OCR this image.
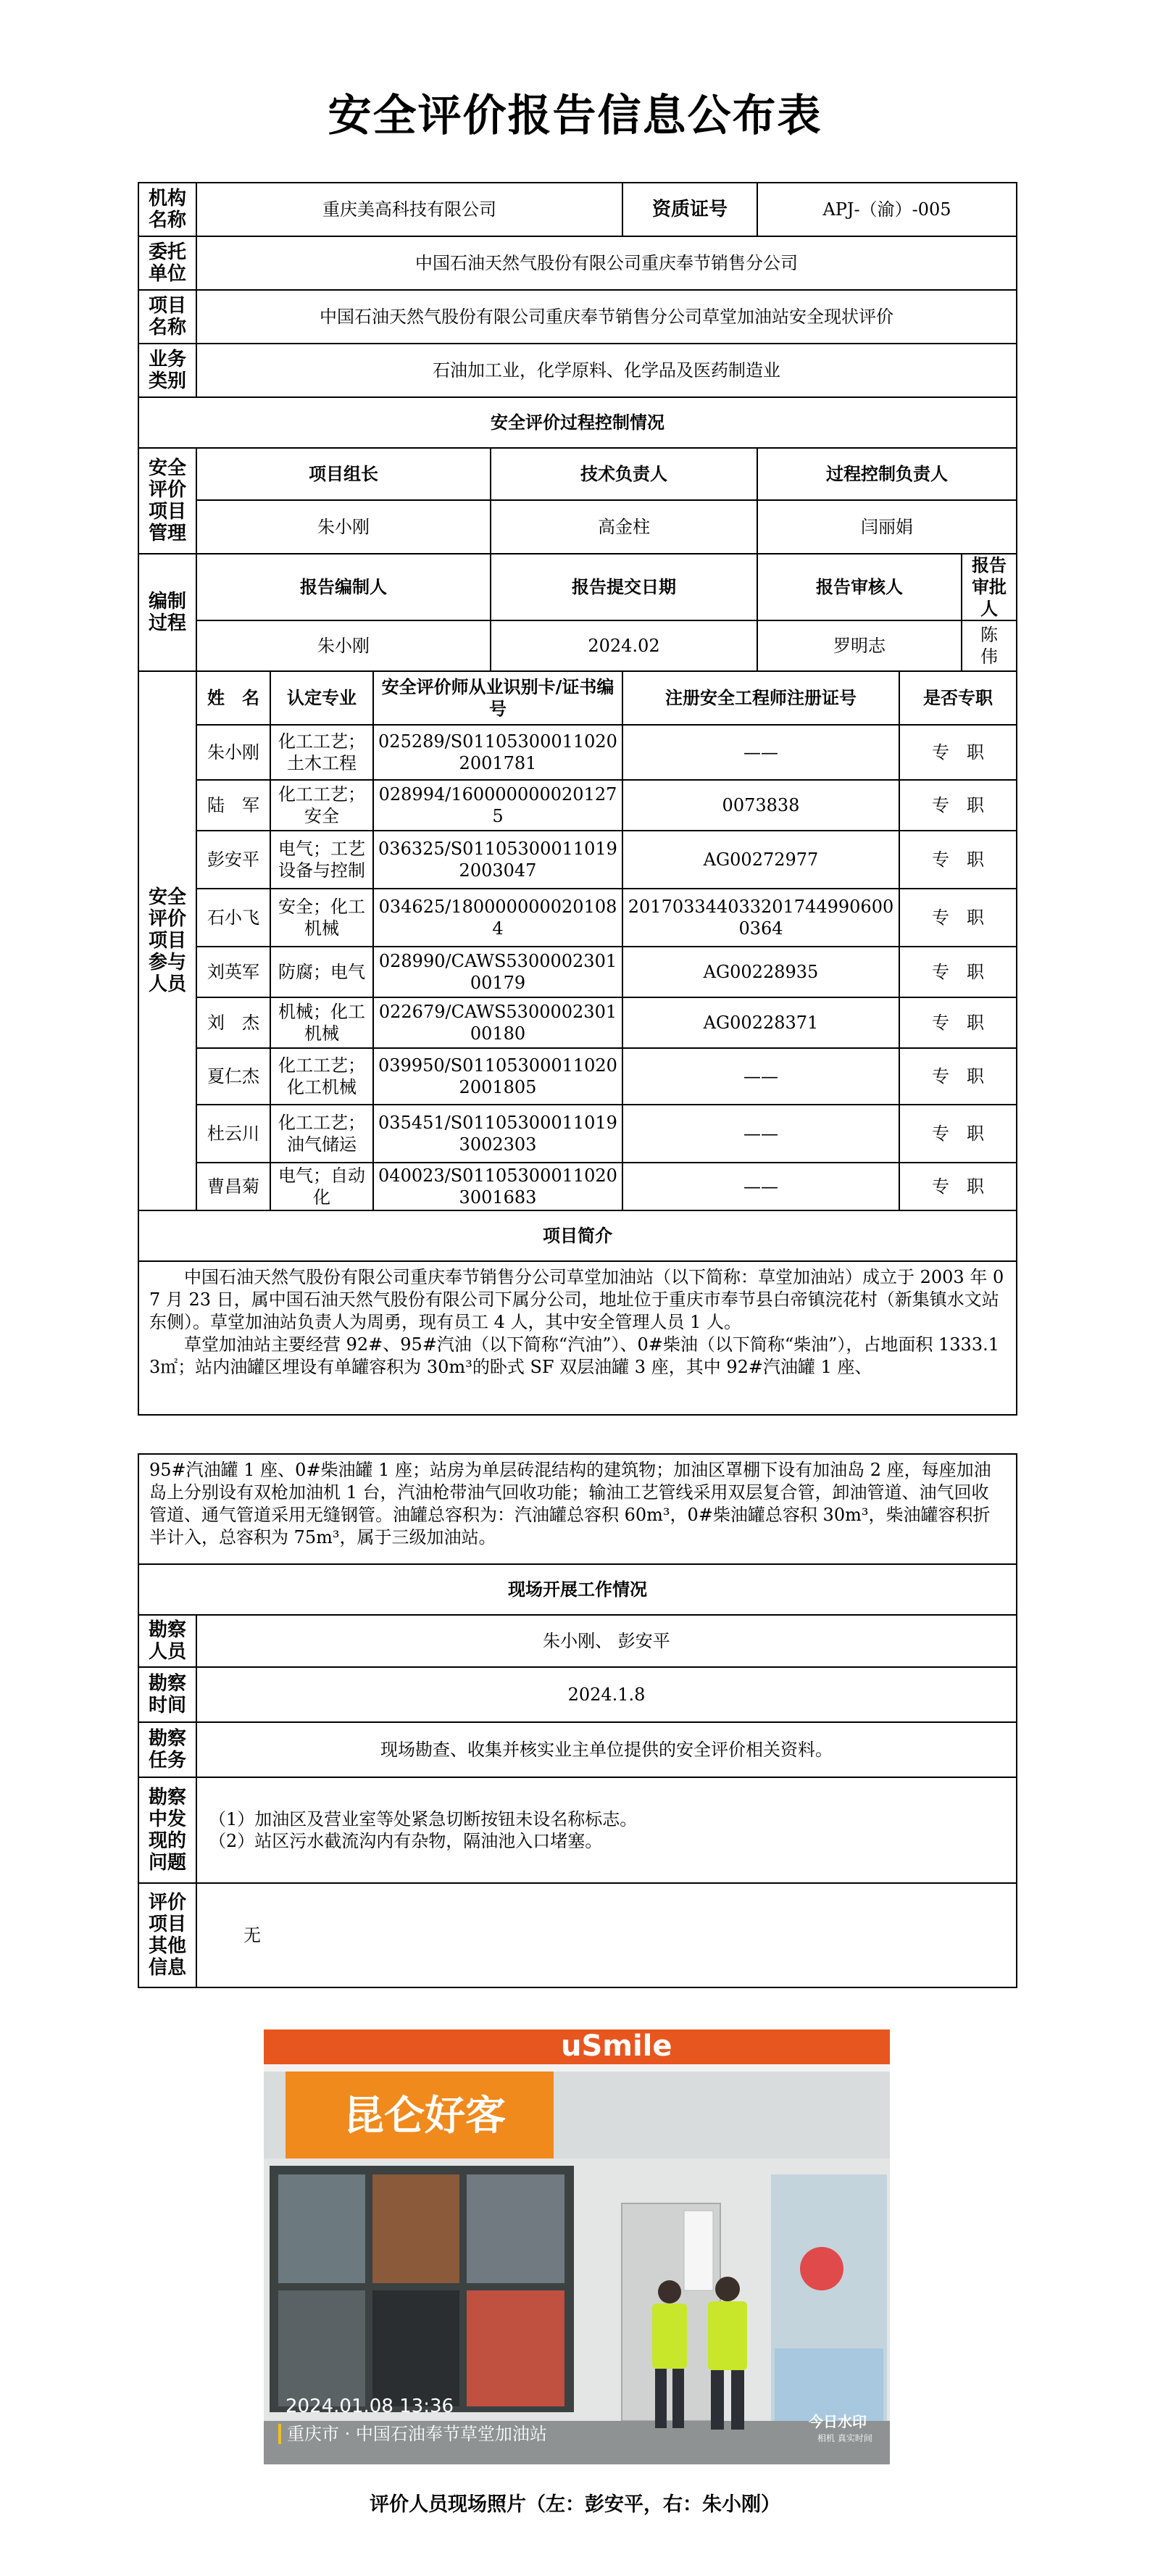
安全评价报告信息公布表
机构名称	重庆美高科技有限公司				资质证号	APJ-（渝）-005		
委托单位	中国石油天然气股份有限公司重庆奉节销售分公司							
项目名称	中国石油天然气股份有限公司重庆奉节销售分公司草堂加油站安全现状评价							
业务类别	石油加工业，化学原料、化学品及医药制造业							
安全评价过程控制情况								
安全评价项目管理	项目组长			技术负责人		过程控制负责人		
	朱小刚			高金柱		闫丽娟		
编制过程	报告编制人			报告提交日期		报告审核人		报告审批人
	朱小刚			2024.02		罗明志		陈　伟
安全评价项目参与人员	姓　名	认定专业	安全评价师从业识别卡/证书编号		注册安全工程师注册证号		是否专职	
	朱小刚	化工工艺；土木工程	025289/S011053000110202001781		——		专　职	
	陆　军	化工工艺；安全	028994/1600000000201275		0073838		专　职	
	彭安平	电气；工艺设备与控制	036325/S011053000110192003047		AG00272977		专　职	
	石小飞	安全；化工机械	034625/1800000000201084		2017033440332017449906000364		专　职	
	刘英军	防腐；电气	028990/CAWS530000230100179		AG00228935		专　职	
	刘　杰	机械；化工机械	022679/CAWS530000230100180		AG00228371		专　职	
	夏仁杰	化工工艺；化工机械	039950/S011053000110202001805		——		专　职	
	杜云川	化工工艺；油气储运	035451/S011053000110193002303		——		专　职	
	曹昌菊	电气；自动化	040023/S011053000110203001683		——		专　职	
项目简介								

中国石油天然气股份有限公司重庆奉节销售分公司草堂加油站（以下简称：草堂加油站）成立于 2003 年 07 月 23 日，属中国石油天然气股份有限公司下属分公司，地址位于重庆市奉节县白帝镇浣花村（新集镇水文站东侧）。草堂加油站负责人为周勇，现有员工 4 人，其中安全管理人员 1 人。

草堂加油站主要经营 92#、95#汽油（以下简称“汽油”）、0#柴油（以下简称“柴油”），占地面积 1333.13㎡；站内油罐区埋设有单罐容积为 30m³的卧式 SF 双层油罐 3 座，其中 92#汽油罐 1 座、								

95#汽油罐 1 座、0#柴油罐 1 座；站房为单层砖混结构的建筑物；加油区罩棚下设有加油岛 2 座，每座加油岛上分别设有双枪加油机 1 台，汽油枪带油气回收功能；输油工艺管线采用双层复合管，卸油管道、油气回收管道、通气管道采用无缝钢管。油罐总容积为：汽油罐总容积 60m³，0#柴油罐总容积 30m³，柴油罐容积折半计入，总容积为 75m³，属于三级加油站。	

现场开展工作情况	
勘察人员	朱小刚、 彭安平
勘察时间	2024.1.8
勘察任务	现场勘查、收集并核实业主单位提供的安全评价相关资料。
勘察中发现的问题	（1）加油区及营业室等处紧急切断按钮未设名称标志。
（2）站区污水截流沟内有杂物，隔油池入口堵塞。

评价项目其他信息	无
uSmile
昆仑好客
2024.01.08 13:36
重庆市 · 中国石油奉节草堂加油站
今日水印
相机 真实时间
评价人员现场照片（左：彭安平，右：朱小刚）
